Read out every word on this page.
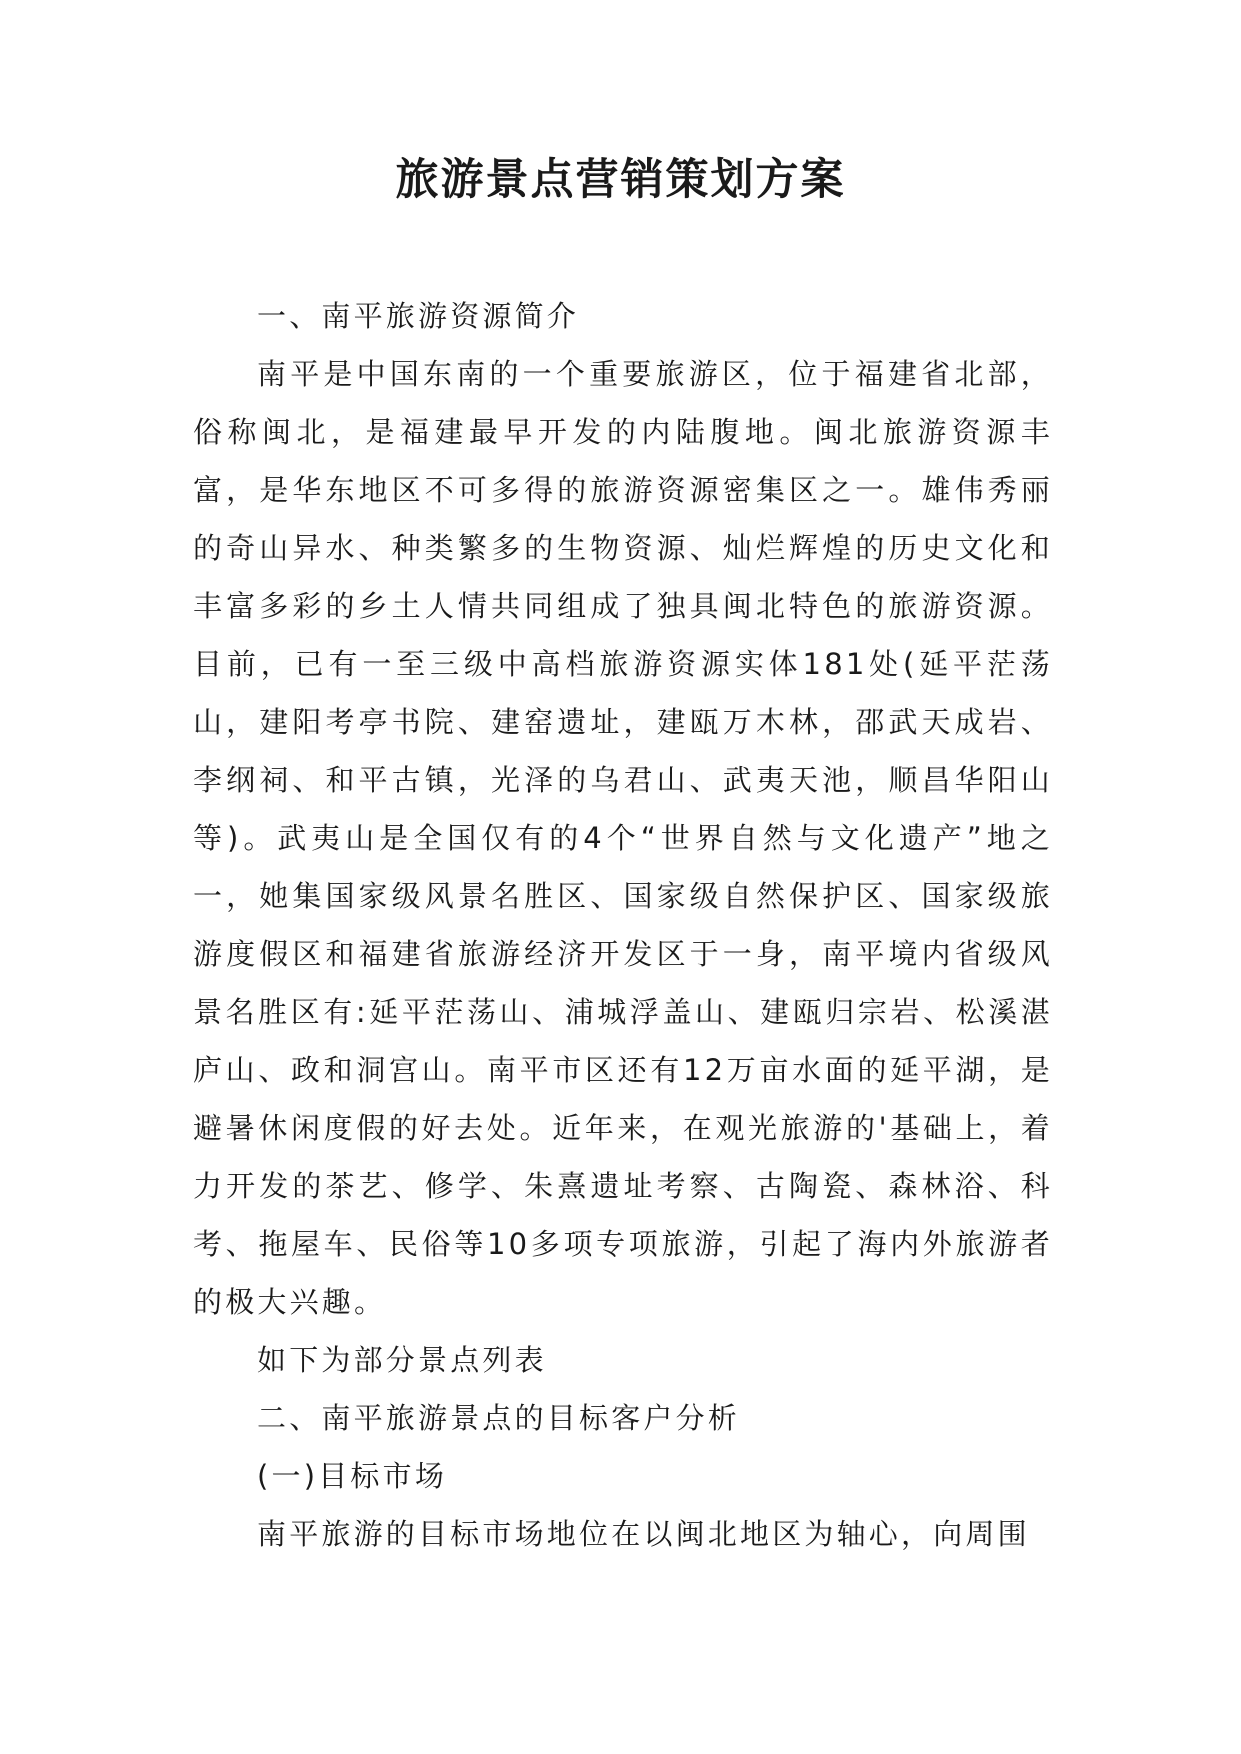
旅游景点营销策划方案

一、南平旅游资源简介

南平是中国东南的一个重要旅游区，位于福建省北部，俗称闽北，是福建最早开发的内陆腹地。闽北旅游资源丰富，是华东地区不可多得的旅游资源密集区之一。雄伟秀丽的奇山异水、种类繁多的生物资源、灿烂辉煌的历史文化和丰富多彩的乡土人情共同组成了独具闽北特色的旅游资源。目前，已有一至三级中高档旅游资源实体181处(延平茫荡山，建阳考亭书院、建窑遗址，建瓯万木林，邵武天成岩、李纲祠、和平古镇，光泽的乌君山、武夷天池，顺昌华阳山等)。武夷山是全国仅有的4个“世界自然与文化遗产”地之一，她集国家级风景名胜区、国家级自然保护区、国家级旅游度假区和福建省旅游经济开发区于一身，南平境内省级风景名胜区有:延平茫荡山、浦城浮盖山、建瓯归宗岩、松溪湛庐山、政和洞宫山。南平市区还有12万亩水面的延平湖，是避暑休闲度假的好去处。近年来，在观光旅游的'基础上，着力开发的茶艺、修学、朱熹遗址考察、古陶瓷、森林浴、科考、拖屋车、民俗等10多项专项旅游，引起了海内外旅游者的极大兴趣。

如下为部分景点列表

二、南平旅游景点的目标客户分析

(一)目标市场

南平旅游的目标市场地位在以闽北地区为轴心，向周围
